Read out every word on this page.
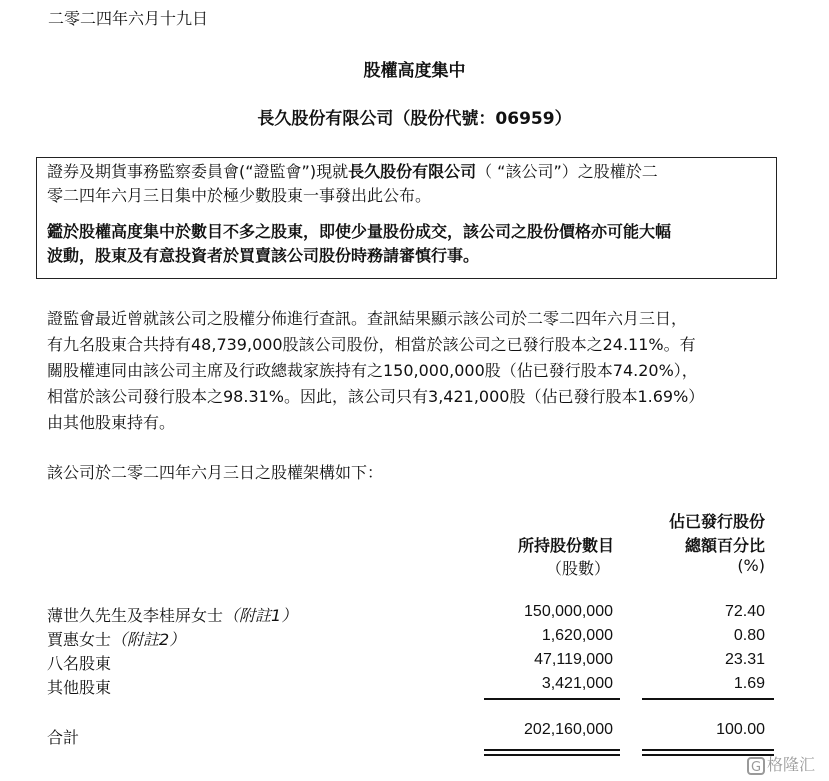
二零二四年六月十九日
股權高度集中
長久股份有限公司（股份代號：06959）
證券及期貨事務監察委員會(“證監會”)現就長久股份有限公司（ “該公司”）之股權於二
零二四年六月三日集中於極少數股東一事發出此公布。
鑑於股權高度集中於數目不多之股東，即使少量股份成交，該公司之股份價格亦可能大幅
波動，股東及有意投資者於買賣該公司股份時務請審慎行事。
證監會最近曾就該公司之股權分佈進行查訊。查訊結果顯示該公司於二零二四年六月三日，
有九名股東合共持有48,739,000股該公司股份，相當於該公司之已發行股本之24.11%。有
關股權連同由該公司主席及行政總裁家族持有之150,000,000股（佔已發行股本74.20%），
相當於該公司發行股本之98.31%。因此，該公司只有3,421,000股（佔已發行股本1.69%）
由其他股東持有。
該公司於二零二四年六月三日之股權架構如下：
所持股份數目
（股數）
佔已發行股份
總額百分比
(%)
薄世久先生及李桂屏女士（附註1）	150,000,000	72.40
賈惠女士（附註2）	1,620,000	0.80
八名股東	47,119,000	23.31
其他股東	3,421,000	1.69
合計	202,160,000	100.00
G 格隆汇
